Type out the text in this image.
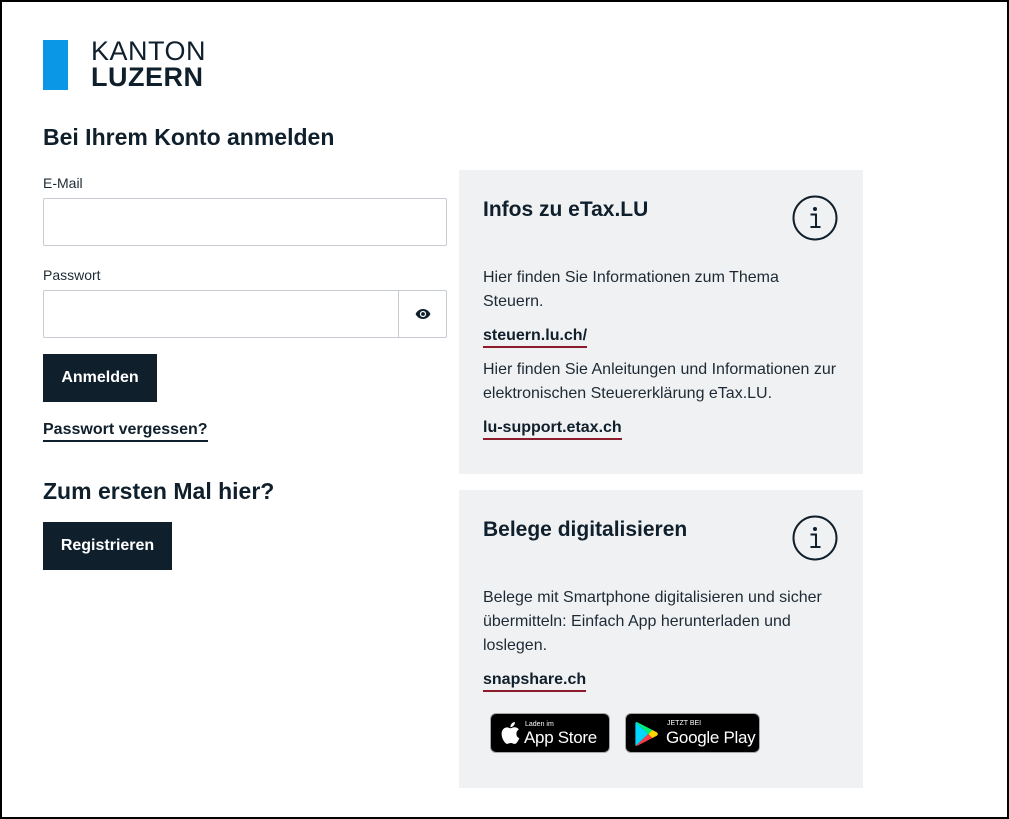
KANTON
LUZERN
Bei Ihrem Konto anmelden
E-Mail
Passwort
Anmelden
Passwort vergessen?
Zum ersten Mal hier?
Registrieren
Infos zu eTax.LU

Hier finden Sie Informationen zum Thema Steuern.

steuern.lu.ch/

Hier finden Sie Anleitungen und Informationen zur elektronischen Steuererklärung eTax.LU.

lu-support.etax.ch
Belege digitalisieren

Belege mit Smartphone digitalisieren und sicher übermitteln: Einfach App herunterladen und loslegen.

snapshare.ch
Laden im
App Store
JETZT BEI
Google Play
